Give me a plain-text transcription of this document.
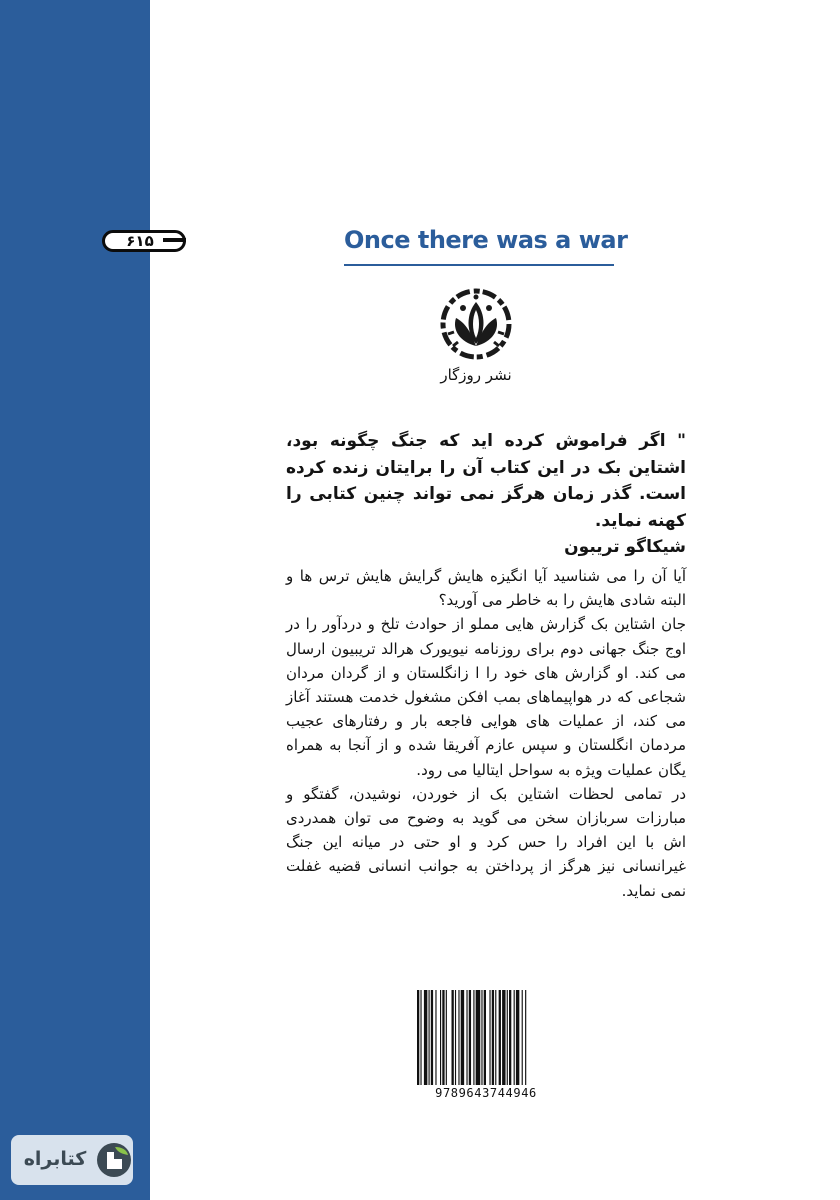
۶۱۵	Once there was a war
نشر روزگار

" اگر فراموش کرده اید که جنگ چگونه بود، اشتاین بک در این کتاب آن را برایتان زنده کرده است. گذر زمان هرگز نمی تواند چنین کتابی را کهنه نماید.

شیکاگو تریبون

آیا آن را می شناسید آیا انگیزه هایش گرایش هایش ترس ها و البته شادی هایش را به خاطر می آورید؟

جان اشتاین بک گزارش هایی مملو از حوادث تلخ و دردآور را در اوج جنگ جهانی دوم برای روزنامه نیویورک هرالد تریبیون ارسال می کند. او گزارش های خود را ا زانگلستان و از گردان مردان شجاعی که در هواپیماهای بمب افکن مشغول خدمت هستند آغاز می کند، از عملیات های هوایی فاجعه بار و رفتارهای عجیب مردمان انگلستان و سپس عازم آفریقا شده و از آنجا به همراه یگان عملیات ویژه به سواحل ایتالیا می رود.

در تمامی لحظات اشتاین بک از خوردن، نوشیدن، گفتگو و مبارزات سربازان سخن می گوید به وضوح می توان همدردی اش با این افراد را حس کرد و او حتی در میانه این جنگ غیرانسانی نیز هرگز از پرداختن به جوانب انسانی قضیه غفلت نمی نماید.

9789643744946
کتابراه
